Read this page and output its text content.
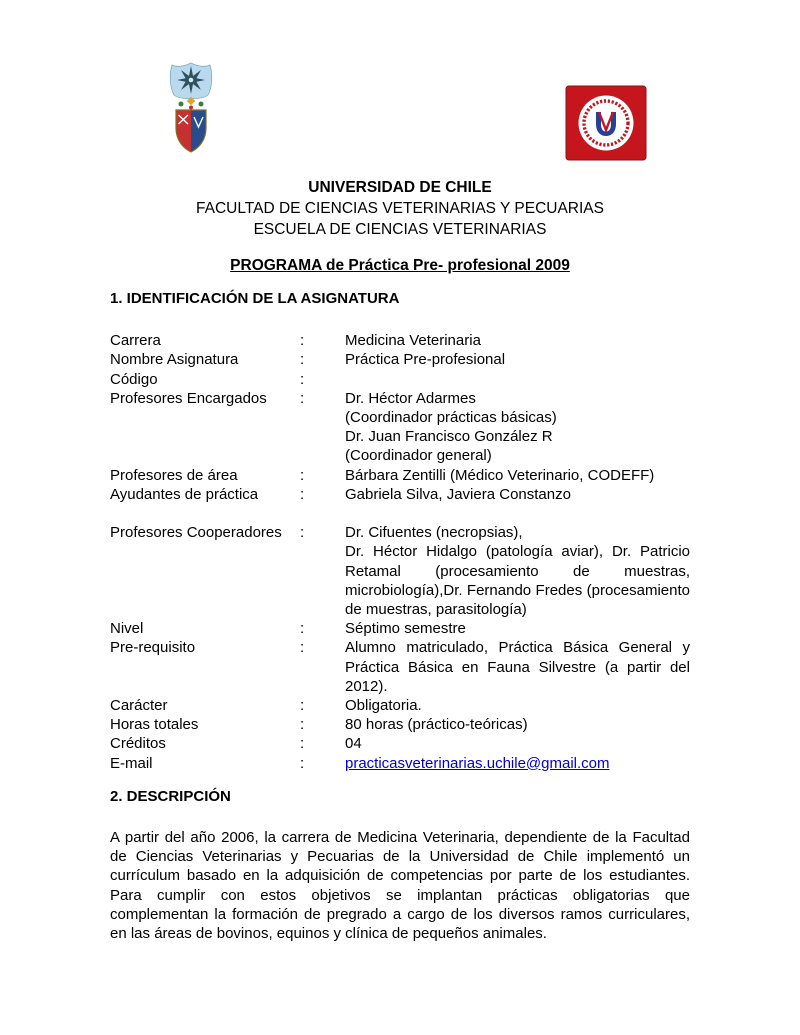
UNIVERSIDAD DE CHILE
FACULTAD DE CIENCIAS VETERINARIAS Y PECUARIAS
ESCUELA DE CIENCIAS VETERINARIAS
PROGRAMA de Práctica Pre- profesional 2009
1. IDENTIFICACIÓN DE LA ASIGNATURA
Carrera	:	Medicina Veterinaria
Nombre Asignatura	:	Práctica Pre-profesional
Código	:
Profesores Encargados	:	Dr. Héctor Adarmes
(Coordinador prácticas básicas)
Dr. Juan Francisco González R
(Coordinador general)
Profesores de área	:	Bárbara Zentilli (Médico Veterinario, CODEFF)
Ayudantes de práctica	:	Gabriela Silva, Javiera Constanzo
Profesores Cooperadores	:	Dr. Cifuentes (necropsias),
Dr. Héctor Hidalgo (patología aviar), Dr. Patricio Retamal (procesamiento de muestras, microbiología),Dr. Fernando Fredes (procesamiento de muestras, parasitología)
Nivel	:	Séptimo semestre
Pre-requisito	:	Alumno matriculado, Práctica Básica General y Práctica Básica en Fauna Silvestre (a partir del 2012).
Carácter	:	Obligatoria.
Horas totales	:	80 horas (práctico-teóricas)
Créditos	:	04
E-mail	:	practicasveterinarias.uchile@gmail.com
2. DESCRIPCIÓN

A partir del año 2006, la carrera de Medicina Veterinaria, dependiente de la Facultad de Ciencias Veterinarias y Pecuarias de la Universidad de Chile implementó un currículum basado en la adquisición de competencias por parte de los estudiantes. Para cumplir con estos objetivos se implantan prácticas obligatorias que complementan la formación de pregrado a cargo de los diversos ramos curriculares, en las áreas de bovinos, equinos y clínica de pequeños animales.
